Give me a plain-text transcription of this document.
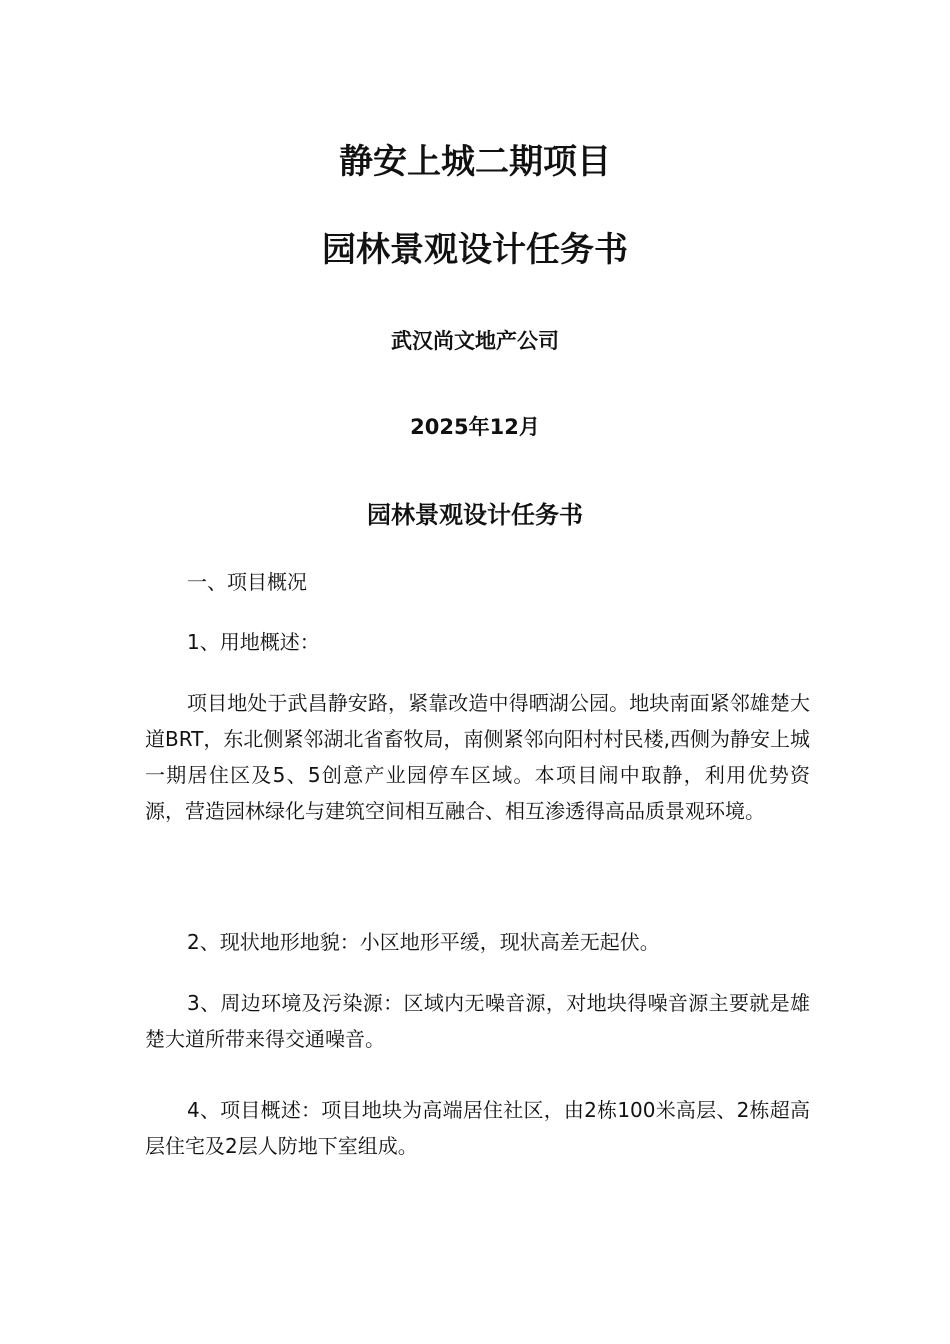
静安上城二期项目
园林景观设计任务书

武汉尚文地产公司

2025年12月

园林景观设计任务书

一、项目概况

1、用地概述：

项目地处于武昌静安路，紧靠改造中得晒湖公园。地块南面紧邻雄楚大道BRT，东北侧紧邻湖北省畜牧局，南侧紧邻向阳村村民楼,西侧为静安上城一期居住区及5、5创意产业园停车区域。本项目闹中取静，利用优势资源，营造园林绿化与建筑空间相互融合、相互渗透得高品质景观环境。

2、现状地形地貌：小区地形平缓，现状高差无起伏。

3、周边环境及污染源：区域内无噪音源，对地块得噪音源主要就是雄楚大道所带来得交通噪音。

4、项目概述：项目地块为高端居住社区，由2栋100米高层、2栋超高层住宅及2层人防地下室组成。
